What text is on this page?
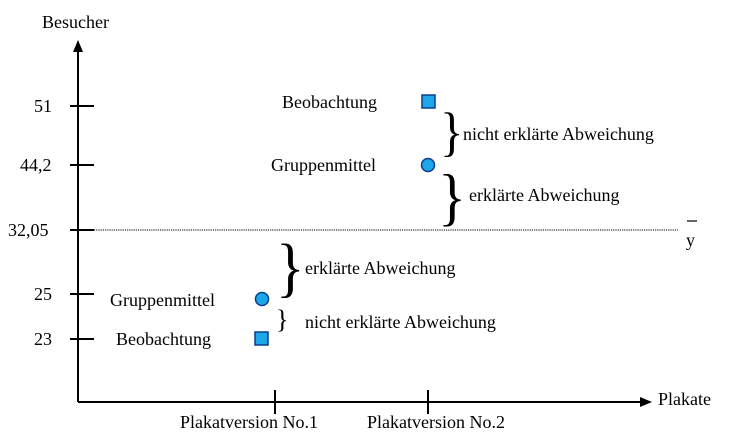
Besucher
Plakate
51
44,2
32,05
25
23
Plakatversion No.1	Plakatversion No.2
y
Beobachtung
Gruppenmittel
}
}
nicht erklärte Abweichung
erklärte Abweichung
Gruppenmittel
Beobachtung
}
}
erklärte Abweichung
nicht erklärte Abweichung
